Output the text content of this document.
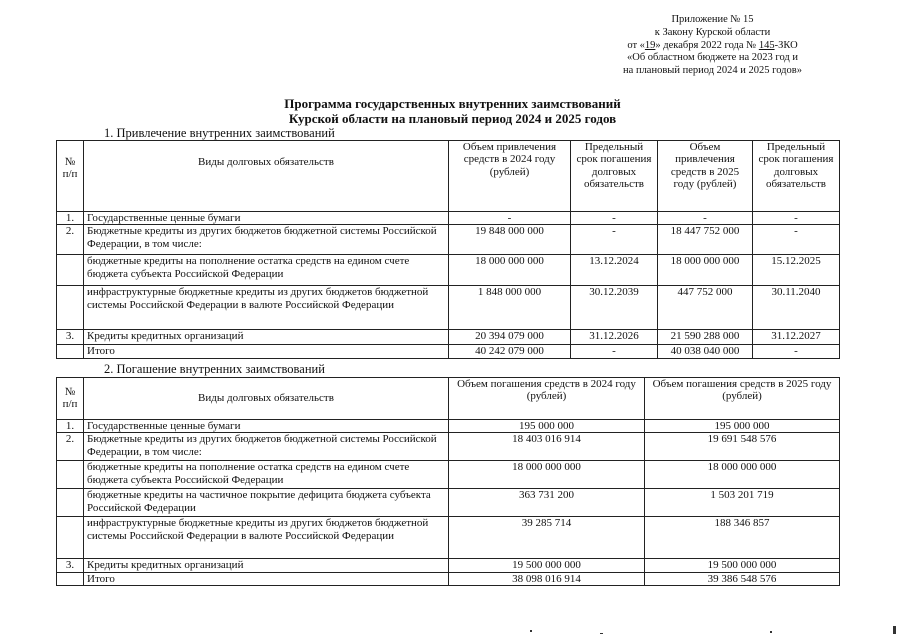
Приложение № 15
к Закону Курской области
от «19» декабря 2022 года № 145-ЗКО
«Об областном бюджете на 2023 год и
на плановый период 2024 и 2025 годов»
Программа государственных внутренних заимствований
Курской области на плановый период 2024 и 2025 годов
1. Привлечение внутренних заимствований
№ п/п	Виды долговых обязательств	Объем привлечения средств в 2024 году (рублей)	Предельный срок погашения долговых обязательств	Объем привлечения средств в 2025 году (рублей)	Предельный срок погашения долговых обязательств
1.	Государственные ценные бумаги	-	-	-	-
2.	Бюджетные кредиты из других бюджетов бюджетной системы Российской Федерации, в том числе:	19 848 000 000	-	18 447 752 000	-
	бюджетные кредиты на пополнение остатка средств на едином счете бюджета субъекта Российской Федерации	18 000 000 000	13.12.2024	18 000 000 000	15.12.2025
	инфраструктурные бюджетные кредиты из других бюджетов бюджетной системы Российской Федерации в валюте Российской Федерации	1 848 000 000	30.12.2039	447 752 000	30.11.2040
3.	Кредиты кредитных организаций	20 394 079 000	31.12.2026	21 590 288 000	31.12.2027
	Итого	40 242 079 000	-	40 038 040 000	-
2. Погашение внутренних заимствований
№ п/п	Виды долговых обязательств	Объем погашения средств в 2024 году (рублей)	Объем погашения средств в 2025 году (рублей)
1.	Государственные ценные бумаги	195 000 000	195 000 000
2.	Бюджетные кредиты из других бюджетов бюджетной системы Российской Федерации, в том числе:	18 403 016 914	19 691 548 576
	бюджетные кредиты на пополнение остатка средств на едином счете бюджета субъекта Российской Федерации	18 000 000 000	18 000 000 000
	бюджетные кредиты на частичное покрытие дефицита бюджета субъекта Российской Федерации	363 731 200	1 503 201 719
	инфраструктурные бюджетные кредиты из других бюджетов бюджетной системы Российской Федерации в валюте Российской Федерации	39 285 714	188 346 857
3.	Кредиты кредитных организаций	19 500 000 000	19 500 000 000
	Итого	38 098 016 914	39 386 548 576
